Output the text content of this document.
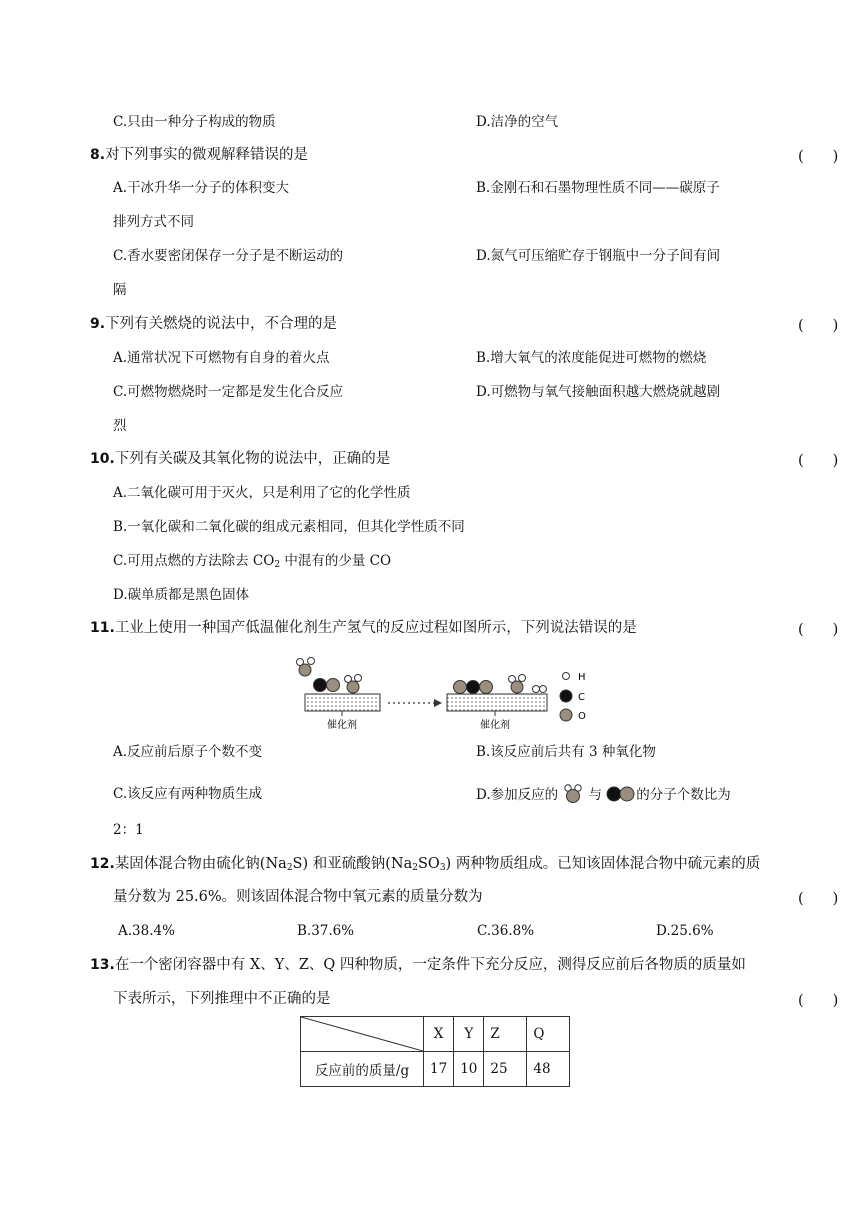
C.只由一种分子构成的物质	D.洁净的空气
8.对下列事实的微观解释错误的是	(　　)
A.干冰升华一分子的体积变大	B.金刚石和石墨物理性质不同——碳原子
排列方式不同
C.香水要密闭保存一分子是不断运动的	D.氮气可压缩贮存于钢瓶中一分子间有间
隔
9.下列有关燃烧的说法中，不合理的是	(　　)
A.通常状况下可燃物有自身的着火点	B.增大氧气的浓度能促进可燃物的燃烧
C.可燃物燃烧时一定都是发生化合反应	D.可燃物与氧气接触面积越大燃烧就越剧
烈
10.下列有关碳及其氧化物的说法中，正确的是	(　　)
A.二氧化碳可用于灭火，只是利用了它的化学性质
B.一氧化碳和二氧化碳的组成元素相同，但其化学性质不同
C.可用点燃的方法除去 $CO_2$ 中混有的少量 CO
D.碳单质都是黑色固体
11.工业上使用一种国产低温催化剂生产氢气的反应过程如图所示，下列说法错误的是	(　　)
催化剂	催化剂
H
C
O
A.反应前后原子个数不变	B.该反应前后共有 3 种氧化物
C.该反应有两种物质生成	D.参加反应的 与	的分子个数比为
2：1
12.某固体混合物由硫化钠$(Na_2S)$ 和亚硫酸钠$(Na_2SO_3)$ 两种物质组成。已知该固体混合物中硫元素的质
量分数为 25.6%。则该固体混合物中氧元素的质量分数为	(　　)
A.38.4%	B.37.6%	C.36.8%	D.25.6%
13.在一个密闭容器中有 X、Y、Z、Q 四种物质，一定条件下充分反应，测得反应前后各物质的质量如
下表所示，下列推理中不正确的是	(　　)
	X	Y	Z	Q
反应前的质量/g	17	10	25	48
